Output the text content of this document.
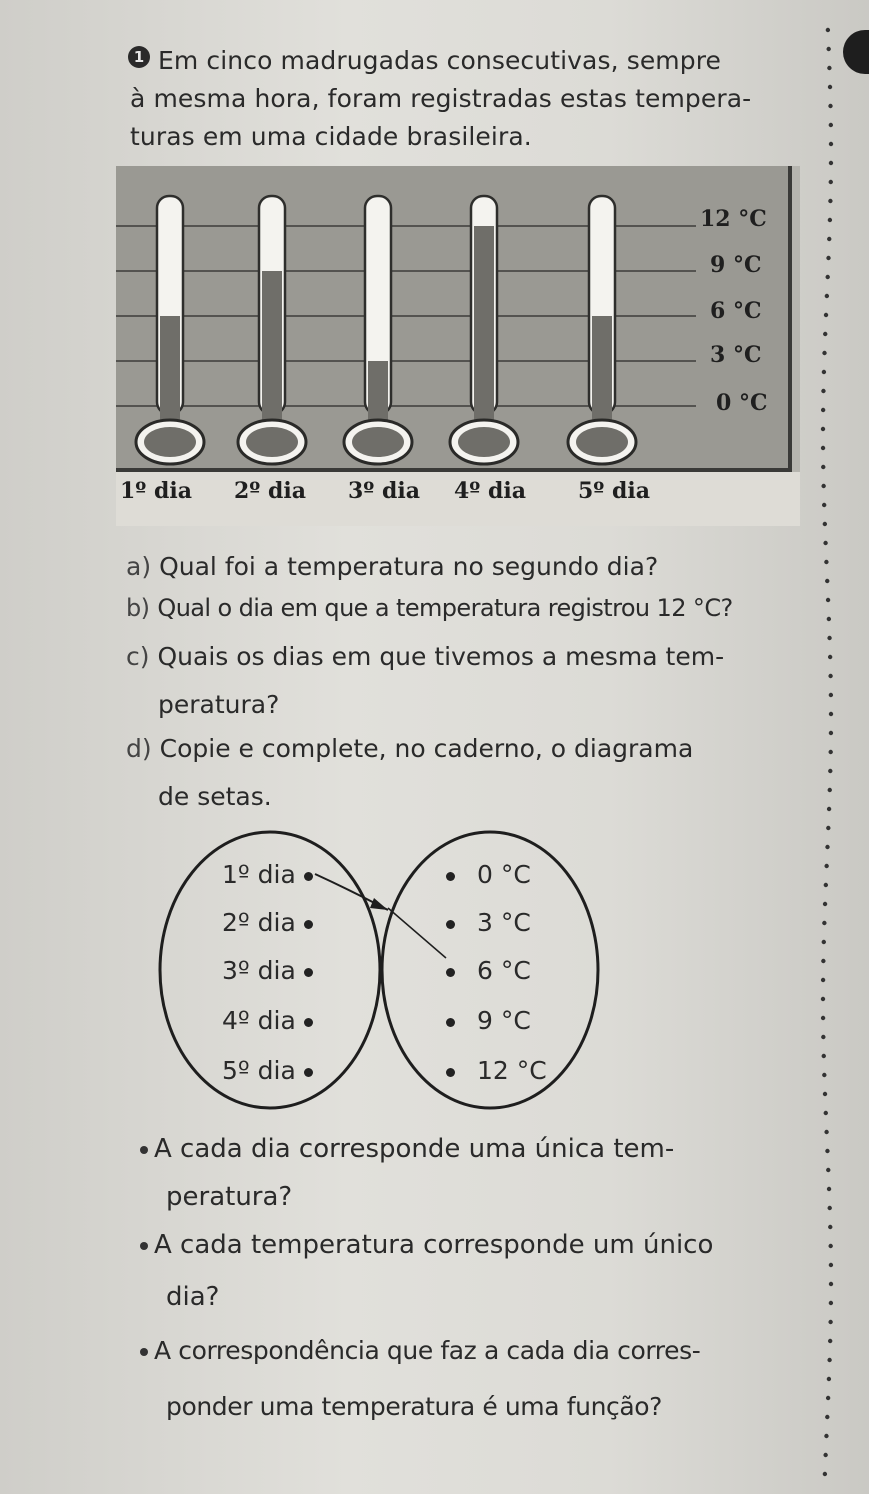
1 Em cinco madrugadas consecutivas, sempre
à mesma hora, foram registradas estas tempera-
turas em uma cidade brasileira.
12 °C
9 °C
6 °C
3 °C
0 °C
1º dia 2º dia 3º dia 4º dia 5º dia
a) Qual foi a temperatura no segundo dia?
b) Qual o dia em que a temperatura registrou 12 °C?
c) Quais os dias em que tivemos a mesma tem-
peratura?
d) Copie e complete, no caderno, o diagrama
de setas.
1º dia
2º dia
3º dia
4º dia
5º dia
0 °C
3 °C
6 °C
9 °C
12 °C
A cada dia corresponde uma única tem-
peratura?
A cada temperatura corresponde um único
dia?
A correspondência que faz a cada dia corres-
ponder uma temperatura é uma função?
